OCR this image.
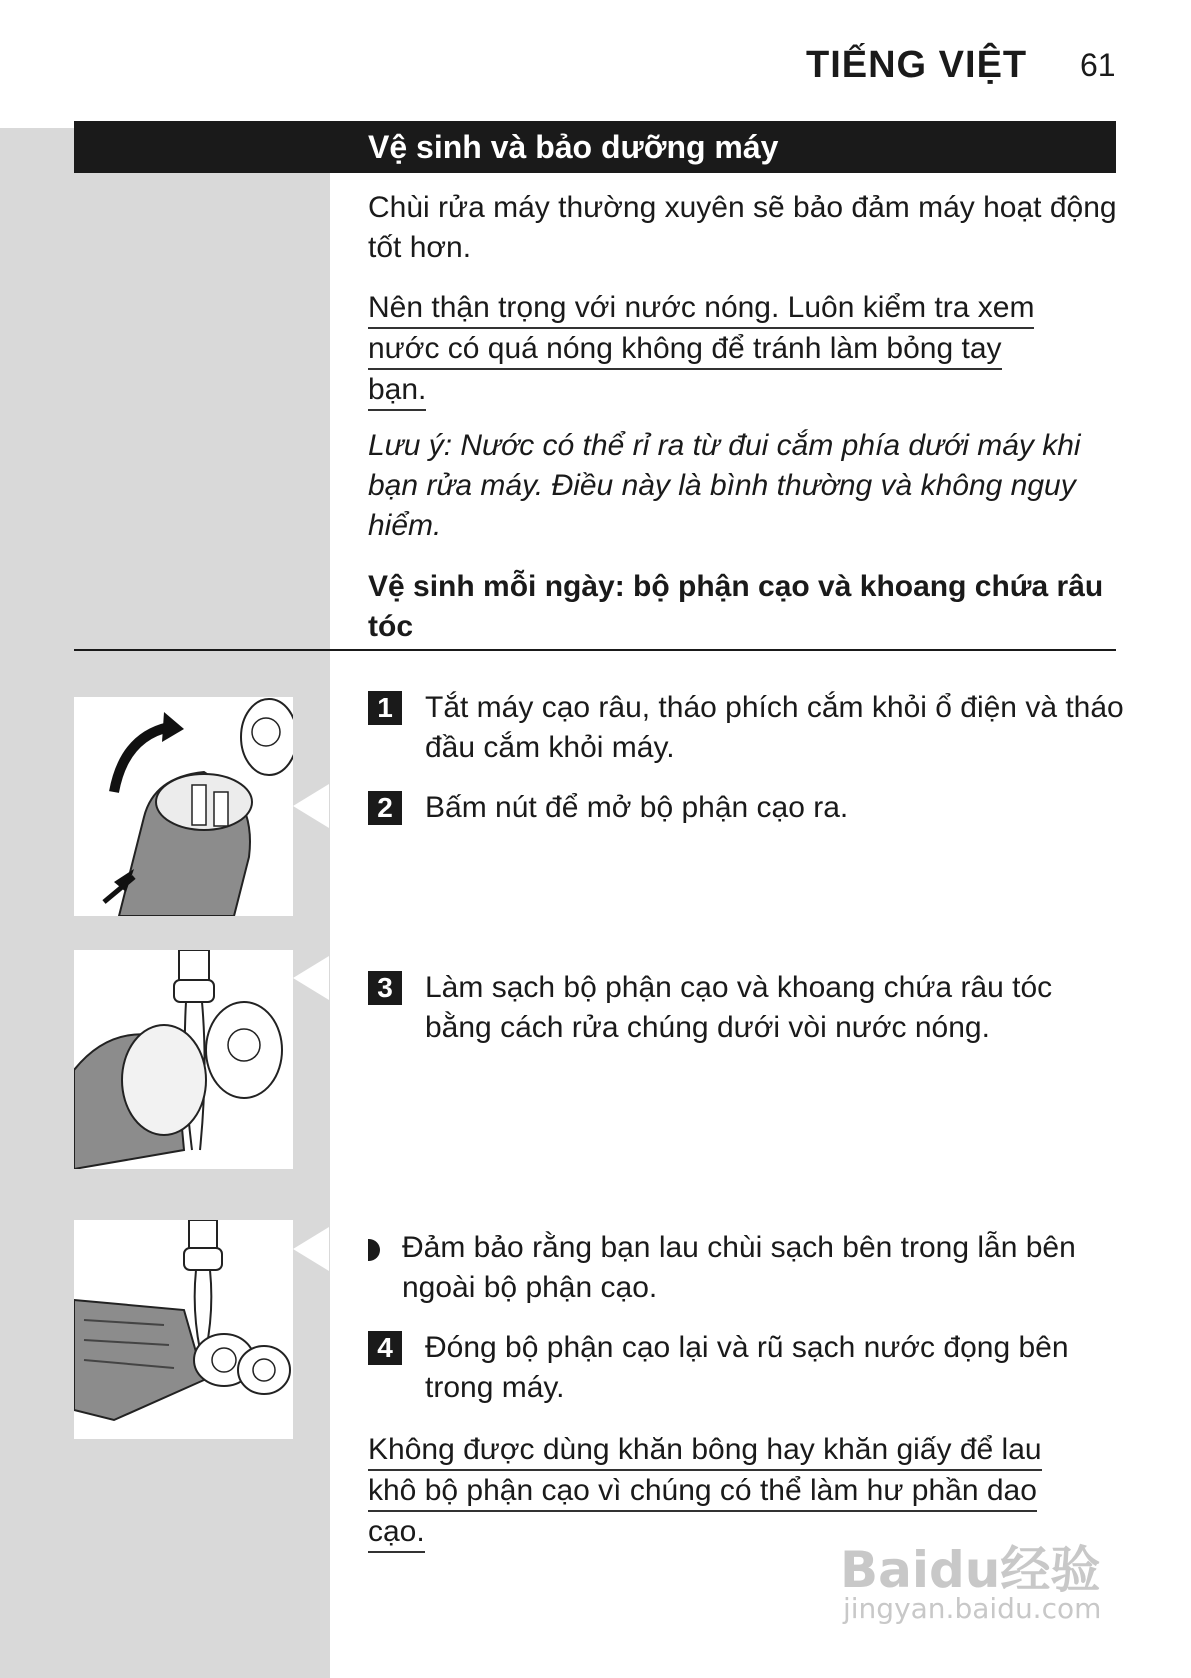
TIẾNG VIỆT 61
Vệ sinh và bảo dưỡng máy

Chùi rửa máy thường xuyên sẽ bảo đảm máy hoạt động tốt hơn.

Nên thận trọng với nước nóng. Luôn kiểm tra xem
nước có quá nóng không để tránh làm bỏng tay
bạn.

Lưu ý: Nước có thể rỉ ra từ đui cắm phía dưới máy khi bạn rửa máy. Điều này là bình thường và không nguy hiểm.

Vệ sinh mỗi ngày: bộ phận cạo và khoang chứa râu tóc

1	Tắt máy cạo râu, tháo phích cắm khỏi ổ điện và tháo đầu cắm khỏi máy.
2	Bấm nút để mở bộ phận cạo ra.
3	Làm sạch bộ phận cạo và khoang chứa râu tóc bằng cách rửa chúng dưới vòi nước nóng.
Đảm bảo rằng bạn lau chùi sạch bên trong lẫn bên ngoài bộ phận cạo.
4	Đóng bộ phận cạo lại và rũ sạch nước đọng bên trong máy.
Không được dùng khăn bông hay khăn giấy để lau
khô bộ phận cạo vì chúng có thể làm hư phần dao
cạo.
Baidu经验
jingyan.baidu.com
